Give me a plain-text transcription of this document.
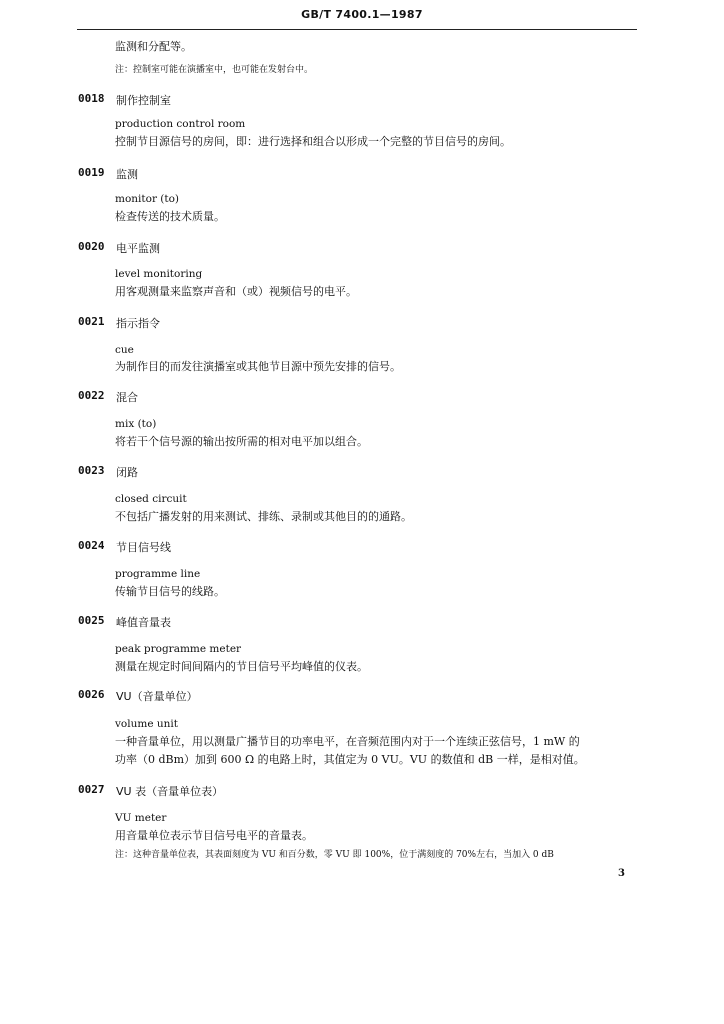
GB/T 7400.1—1987
监测和分配等。
注：控制室可能在演播室中，也可能在发射台中。
0018 制作控制室
production control room
控制节目源信号的房间，即：进行选择和组合以形成一个完整的节目信号的房间。
0019 监测
monitor (to)
检查传送的技术质量。
0020 电平监测
level monitoring
用客观测量来监察声音和（或）视频信号的电平。
0021 指示指令
cue
为制作目的而发往演播室或其他节目源中预先安排的信号。
0022 混合
mix (to)
将若干个信号源的输出按所需的相对电平加以组合。
0023 闭路
closed circuit
不包括广播发射的用来测试、排练、录制或其他目的的通路。
0024 节目信号线
programme line
传输节目信号的线路。
0025 峰值音量表
peak programme meter
测量在规定时间间隔内的节目信号平均峰值的仪表。
0026 VU（音量单位）
volume unit
一种音量单位，用以测量广播节目的功率电平，在音频范围内对于一个连续正弦信号，1 mW 的
功率（0 dBm）加到 600 Ω 的电路上时，其值定为 0 VU。VU 的数值和 dB 一样，是相对值。
0027 VU 表（音量单位表）
VU meter
用音量单位表示节目信号电平的音量表。
注：这种音量单位表，其表面刻度为 VU 和百分数，零 VU 即 100%，位于满刻度的 70%左右，当加入 0 dB
3
